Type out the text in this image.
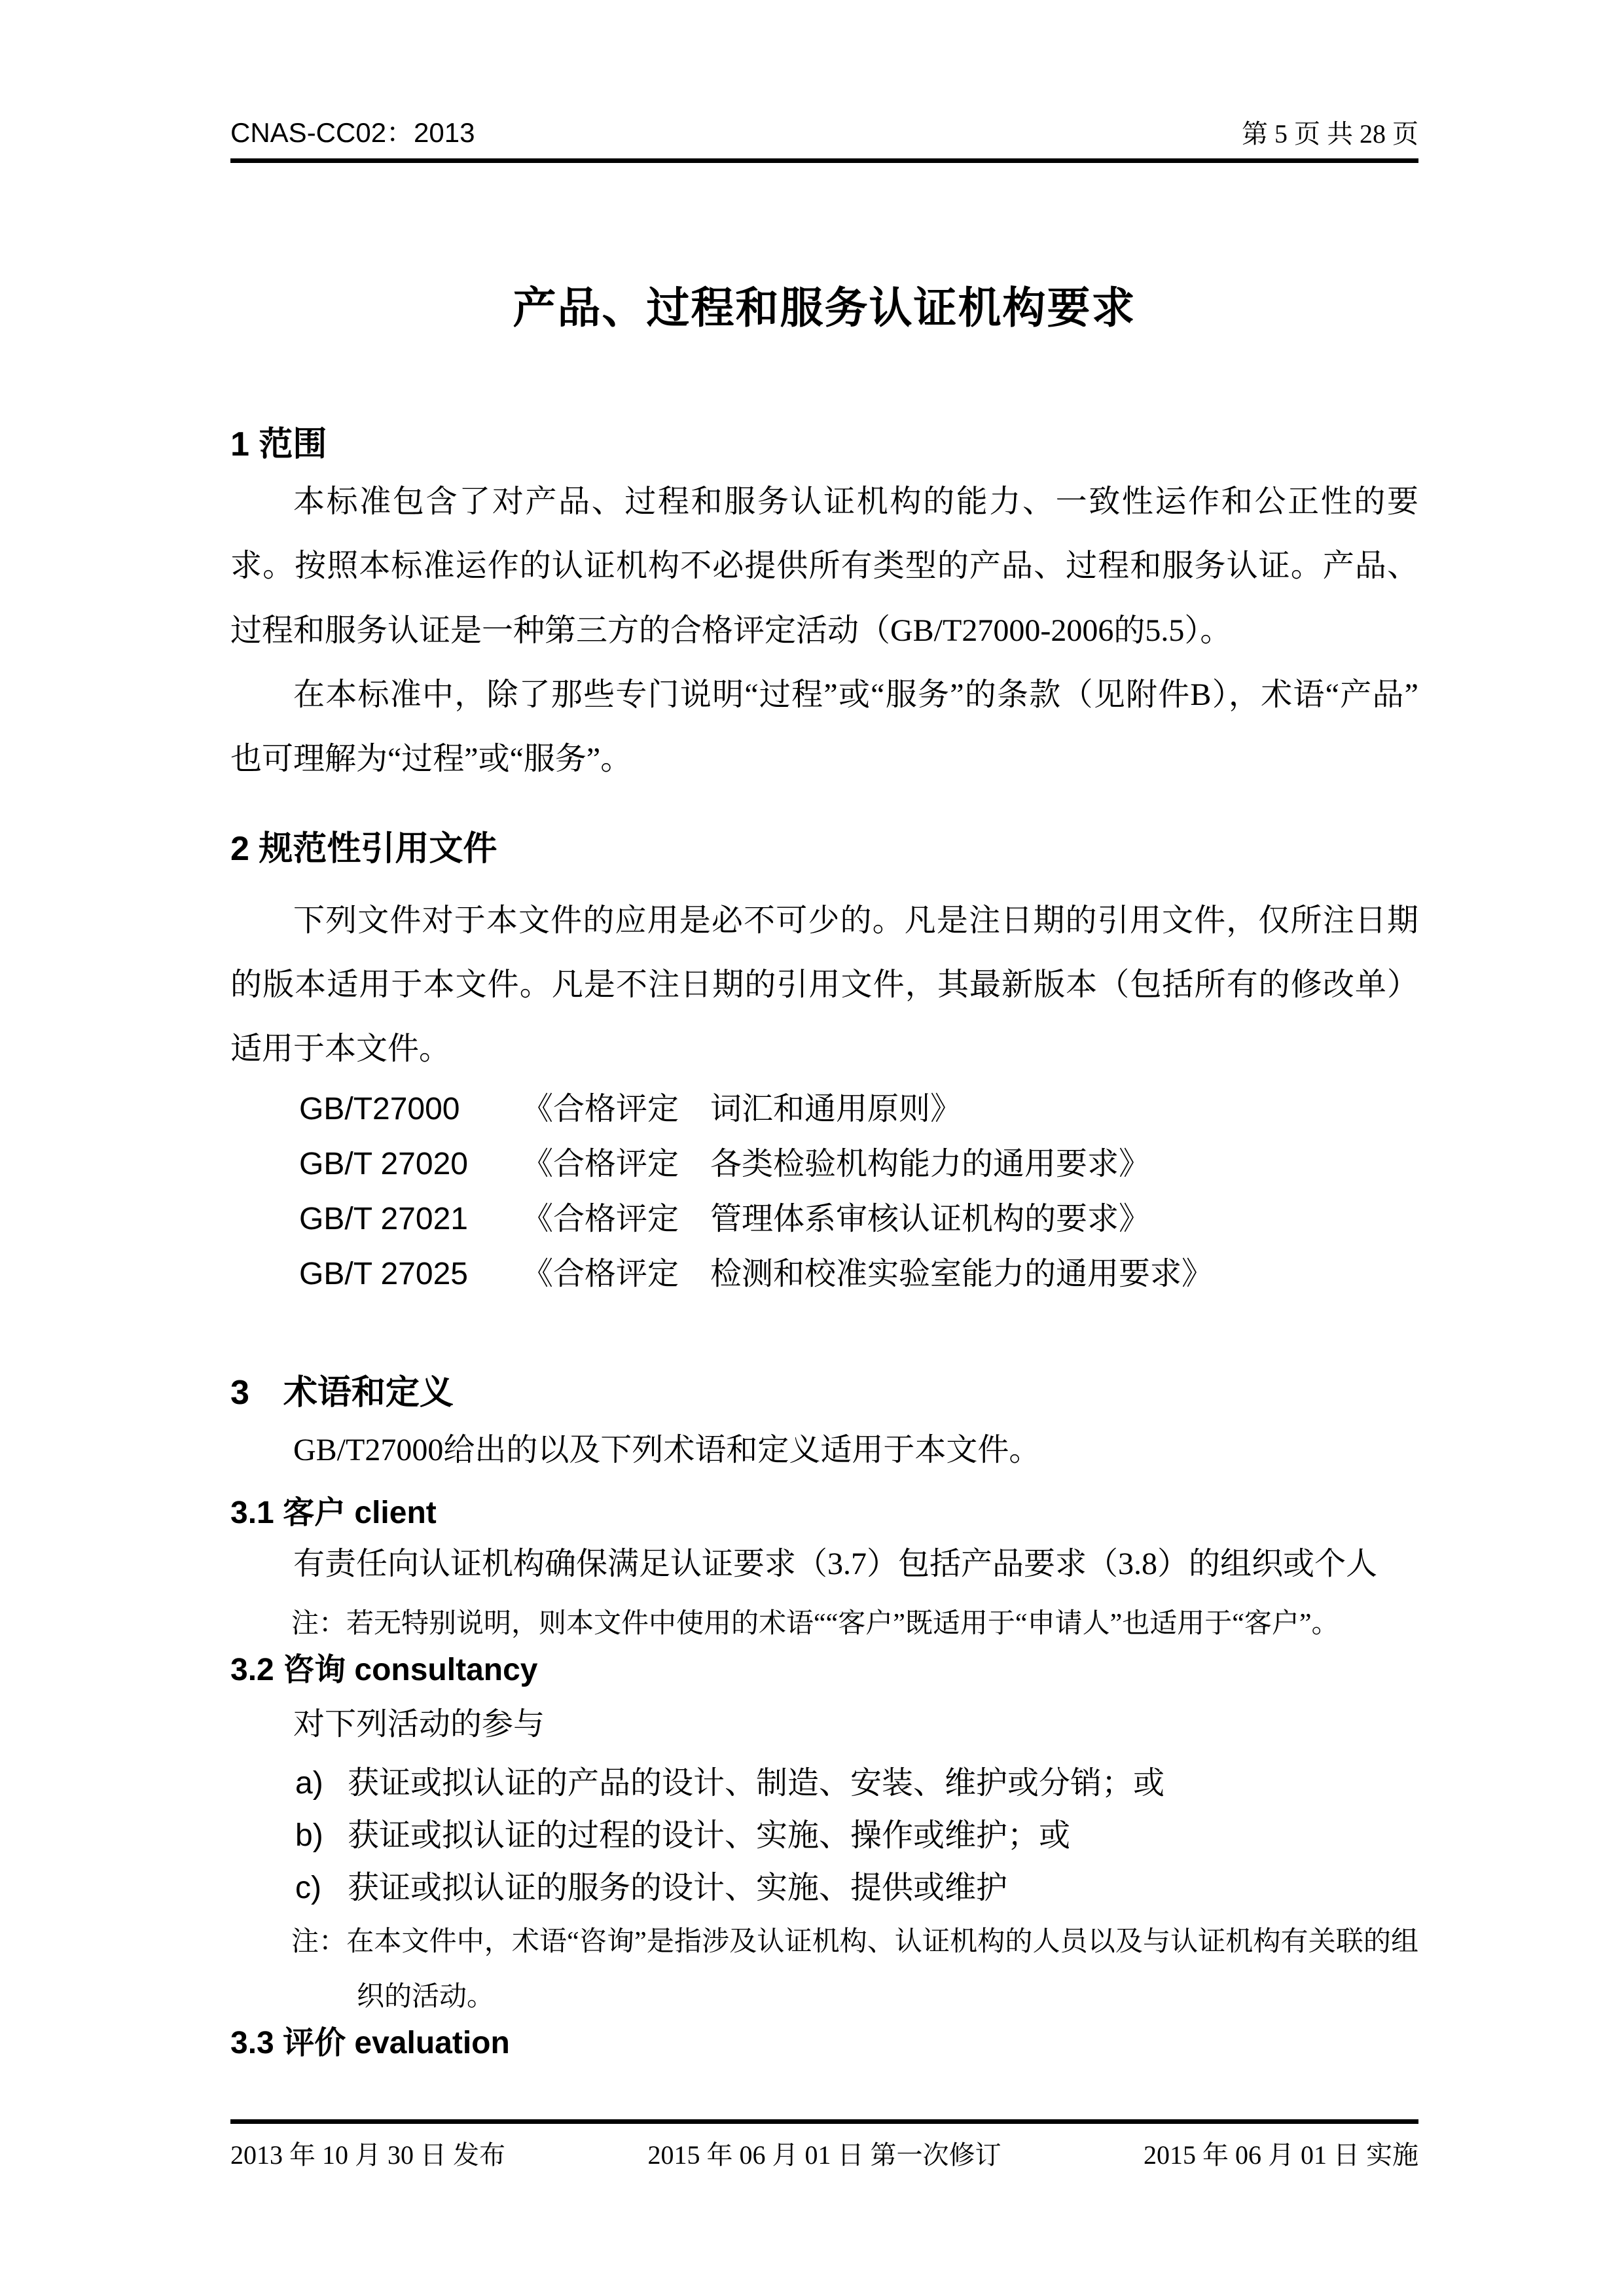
CNAS-CC02：2013	第 5 页 共 28 页
产品、过程和服务认证机构要求
1 范围

本标准包含了对产品、过程和服务认证机构的能力、一致性运作和公正性的要求。按照本标准运作的认证机构不必提供所有类型的产品、过程和服务认证。产品、过程和服务认证是一种第三方的合格评定活动（GB/T27000-2006的5.5）。

在本标准中，除了那些专门说明“过程”或“服务”的条款（见附件B），术语“产品”也可理解为“过程”或“服务”。

2 规范性引用文件

下列文件对于本文件的应用是必不可少的。凡是注日期的引用文件，仅所注日期的版本适用于本文件。凡是不注日期的引用文件，其最新版本（包括所有的修改单）适用于本文件。

GB/T27000	《合格评定　词汇和通用原则》
GB/T 27020	《合格评定　各类检验机构能力的通用要求》
GB/T 27021	《合格评定　管理体系审核认证机构的要求》
GB/T 27025	《合格评定　检测和校准实验室能力的通用要求》
3　术语和定义

GB/T27000给出的以及下列术语和定义适用于本文件。

3.1 客户 client

有责任向认证机构确保满足认证要求（3.7）包括产品要求（3.8）的组织或个人

注：若无特别说明，则本文件中使用的术语““客户”既适用于“申请人”也适用于“客户”。

3.2 咨询 consultancy

对下列活动的参与

a) 获证或拟认证的产品的设计、制造、安装、维护或分销；或
b) 获证或拟认证的过程的设计、实施、操作或维护；或
c) 获证或拟认证的服务的设计、实施、提供或维护

注：在本文件中，术语“咨询”是指涉及认证机构、认证机构的人员以及与认证机构有关联的组织的活动。

3.3 评价 evaluation
2013 年 10 月 30 日 发布	2015 年 06 月 01 日 第一次修订	2015 年 06 月 01 日 实施
